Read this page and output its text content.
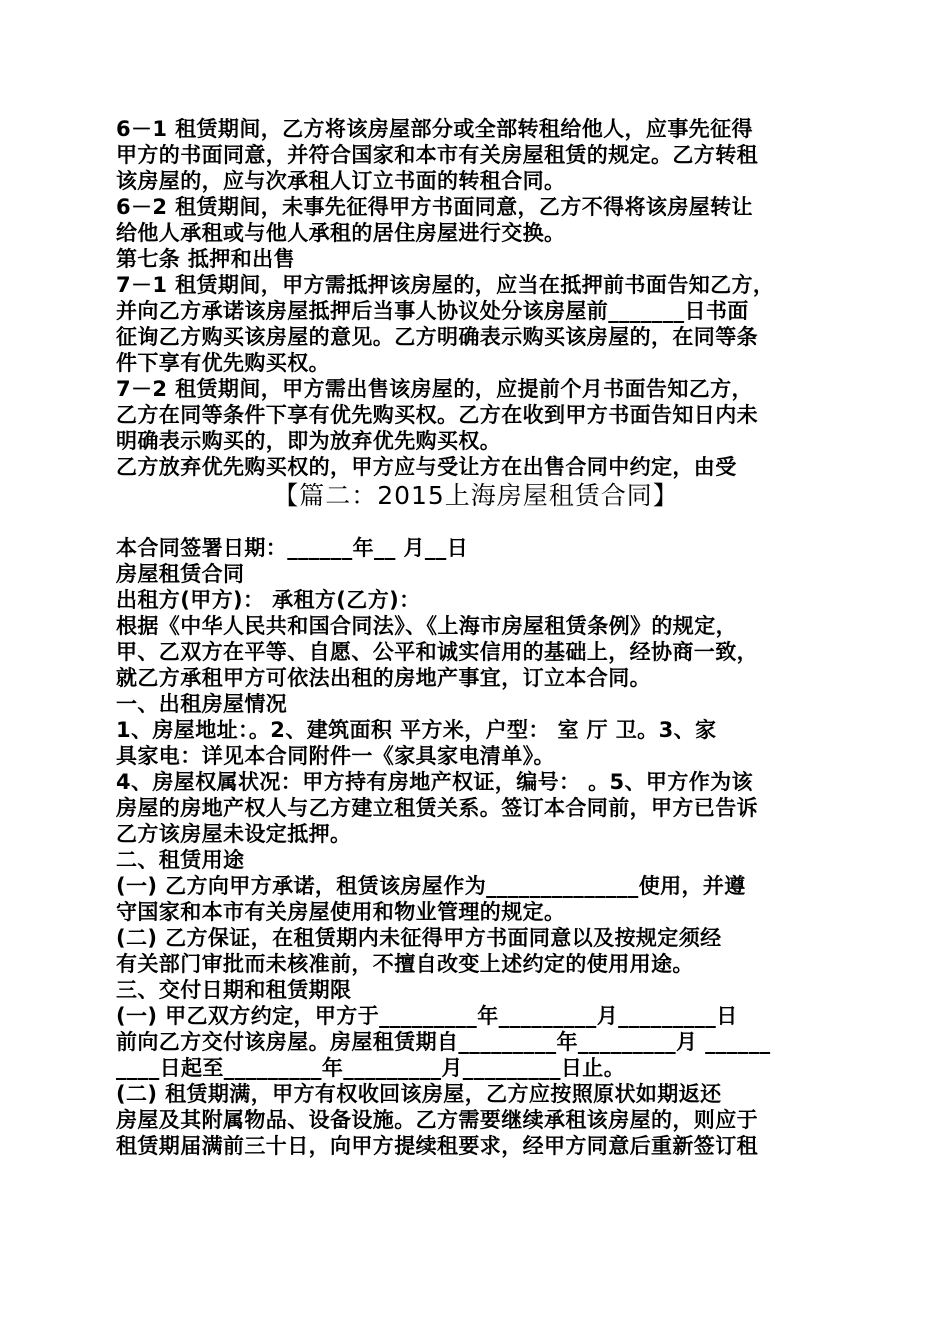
6－1 租赁期间，乙方将该房屋部分或全部转租给他人，应事先征得
甲方的书面同意，并符合国家和本市有关房屋租赁的规定。乙方转租
该房屋的，应与次承租人订立书面的转租合同。
6－2 租赁期间，未事先征得甲方书面同意，乙方不得将该房屋转让
给他人承租或与他人承租的居住房屋进行交换。
第七条 抵押和出售
7－1 租赁期间，甲方需抵押该房屋的，应当在抵押前书面告知乙方，
并向乙方承诺该房屋抵押后当事人协议处分该房屋前_______日书面
征询乙方购买该房屋的意见。乙方明确表示购买该房屋的，在同等条
件下享有优先购买权。
7－2 租赁期间，甲方需出售该房屋的，应提前个月书面告知乙方，
乙方在同等条件下享有优先购买权。乙方在收到甲方书面告知日内未
明确表示购买的，即为放弃优先购买权。
乙方放弃优先购买权的，甲方应与受让方在出售合同中约定，由受
【篇二：2015上海房屋租赁合同】
本合同签署日期：______年__ 月__日
房屋租赁合同
出租方(甲方)： 承租方(乙方)：
根据《中华人民共和国合同法》、《上海市房屋租赁条例》的规定，
甲、乙双方在平等、自愿、公平和诚实信用的基础上，经协商一致，
就乙方承租甲方可依法出租的房地产事宜，订立本合同。
一、出租房屋情况
1、房屋地址：。2、建筑面积 平方米，户型： 室 厅 卫。3、家
具家电：详见本合同附件一《家具家电清单》。
4、房屋权属状况：甲方持有房地产权证，编号： 。5、甲方作为该
房屋的房地产权人与乙方建立租赁关系。签订本合同前，甲方已告诉
乙方该房屋未设定抵押。
二、租赁用途
(一) 乙方向甲方承诺，租赁该房屋作为______________使用，并遵
守国家和本市有关房屋使用和物业管理的规定。
(二) 乙方保证，在租赁期内未征得甲方书面同意以及按规定须经
有关部门审批而未核准前，不擅自改变上述约定的使用用途。
三、交付日期和租赁期限
(一) 甲乙双方约定，甲方于_________年_________月_________日
前向乙方交付该房屋。房屋租赁期自_________年_________月 ______
____日起至_________年_________月_________日止。
(二) 租赁期满，甲方有权收回该房屋，乙方应按照原状如期返还
房屋及其附属物品、设备设施。乙方需要继续承租该房屋的，则应于
租赁期届满前三十日，向甲方提续租要求，经甲方同意后重新签订租
